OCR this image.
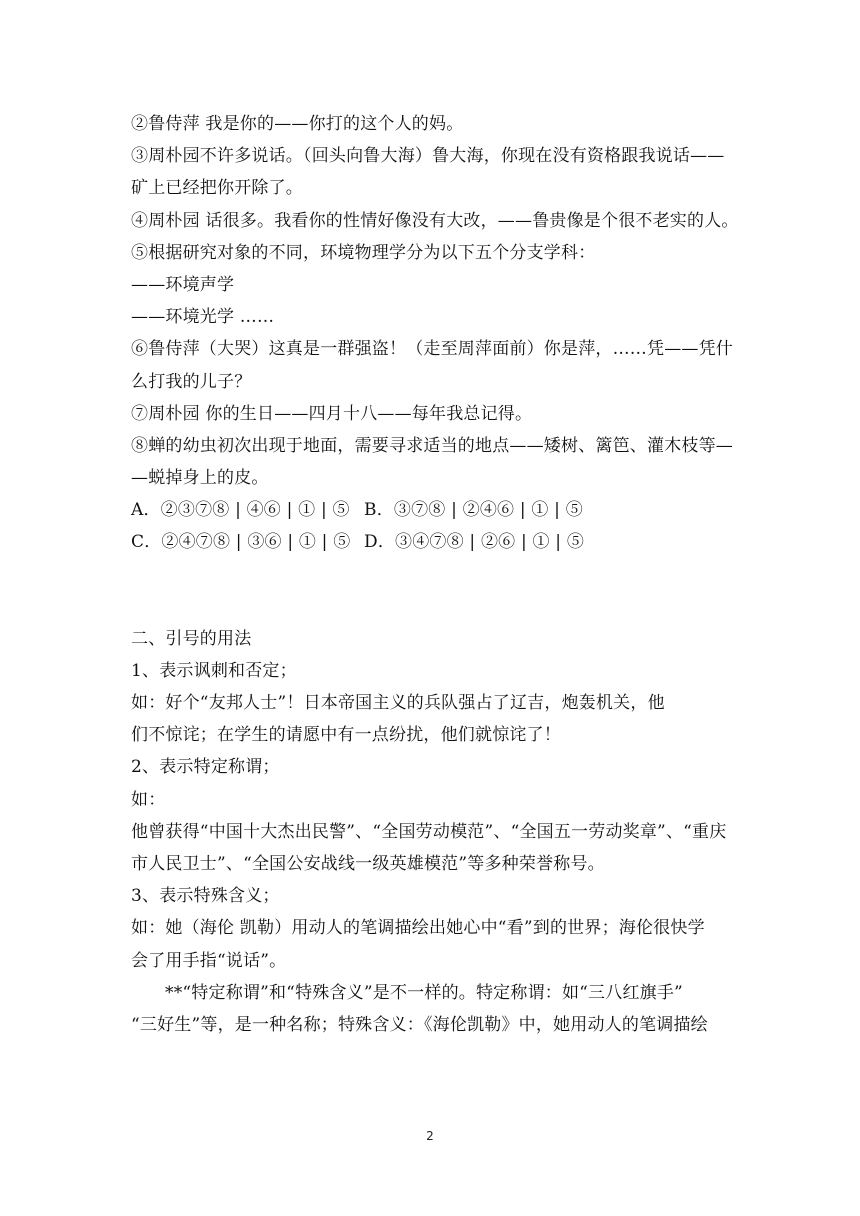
②鲁侍萍 我是你的——你打的这个人的妈。
③周朴园不许多说话。（回头向鲁大海）鲁大海，你现在没有资格跟我说话——
矿上已经把你开除了。
④周朴园 话很多。我看你的性情好像没有大改，——鲁贵像是个很不老实的人。
⑤根据研究对象的不同，环境物理学分为以下五个分支学科：
——环境声学
——环境光学 ……
⑥鲁侍萍（大哭）这真是一群强盗！（走至周萍面前）你是萍，……凭——凭什
么打我的儿子？
⑦周朴园 你的生日——四月十八——每年我总记得。
⑧蝉的幼虫初次出现于地面，需要寻求适当的地点——矮树、篱笆、灌木枝等—
—蜕掉身上的皮。
A．②③⑦⑧ | ④⑥ | ① | ⑤ B．③⑦⑧ | ②④⑥ | ① | ⑤
C．②④⑦⑧ | ③⑥ | ① | ⑤ D．③④⑦⑧ | ②⑥ | ① | ⑤
二、引号的用法
1、表示讽刺和否定；
如：好个“友邦人士”！日本帝国主义的兵队强占了辽吉，炮轰机关，他
们不惊诧；在学生的请愿中有一点纷扰，他们就惊诧了！
2、表示特定称谓；
如：
他曾获得“中国十大杰出民警”、“全国劳动模范”、“全国五一劳动奖章”、“重庆
市人民卫士”、“全国公安战线一级英雄模范”等多种荣誉称号。
3、表示特殊含义；
如：她（海伦 凯勒）用动人的笔调描绘出她心中“看”到的世界；海伦很快学
会了用手指“说话”。
**“特定称谓”和“特殊含义”是不一样的。特定称谓：如“三八红旗手”
“三好生”等，是一种名称；特殊含义：《海伦凯勒》中，她用动人的笔调描绘
2
